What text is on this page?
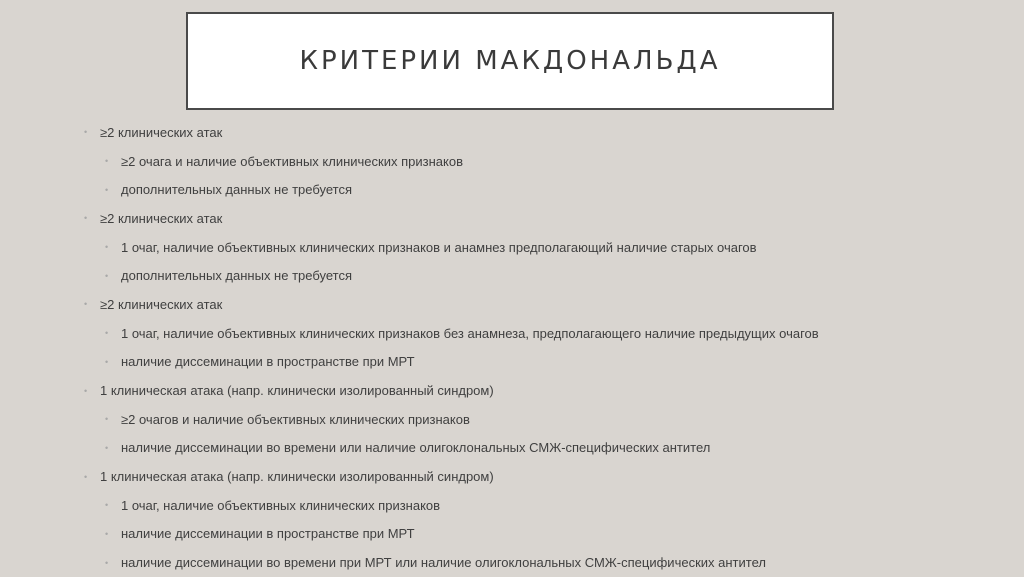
КРИТЕРИИ МАКДОНАЛЬДА
• ≥2 клинических атак
• ≥2 очага и наличие объективных клинических признаков
• дополнительных данных не требуется
• ≥2 клинических атак
• 1 очаг, наличие объективных клинических признаков и анамнез предполагающий наличие старых очагов
• дополнительных данных не требуется
• ≥2 клинических атак
• 1 очаг, наличие объективных клинических признаков без анамнеза, предполагающего наличие предыдущих очагов
• наличие диссеминации в пространстве при МРТ
• 1 клиническая атака (напр. клинически изолированный синдром)
• ≥2 очагов и наличие объективных клинических признаков
• наличие диссеминации во времени или наличие олигоклональных СМЖ-специфических антител
• 1 клиническая атака (напр. клинически изолированный синдром)
• 1 очаг, наличие объективных клинических признаков
• наличие диссеминации в пространстве при МРТ
• наличие диссеминации во времени при МРТ или наличие олигоклональных СМЖ-специфических антител
